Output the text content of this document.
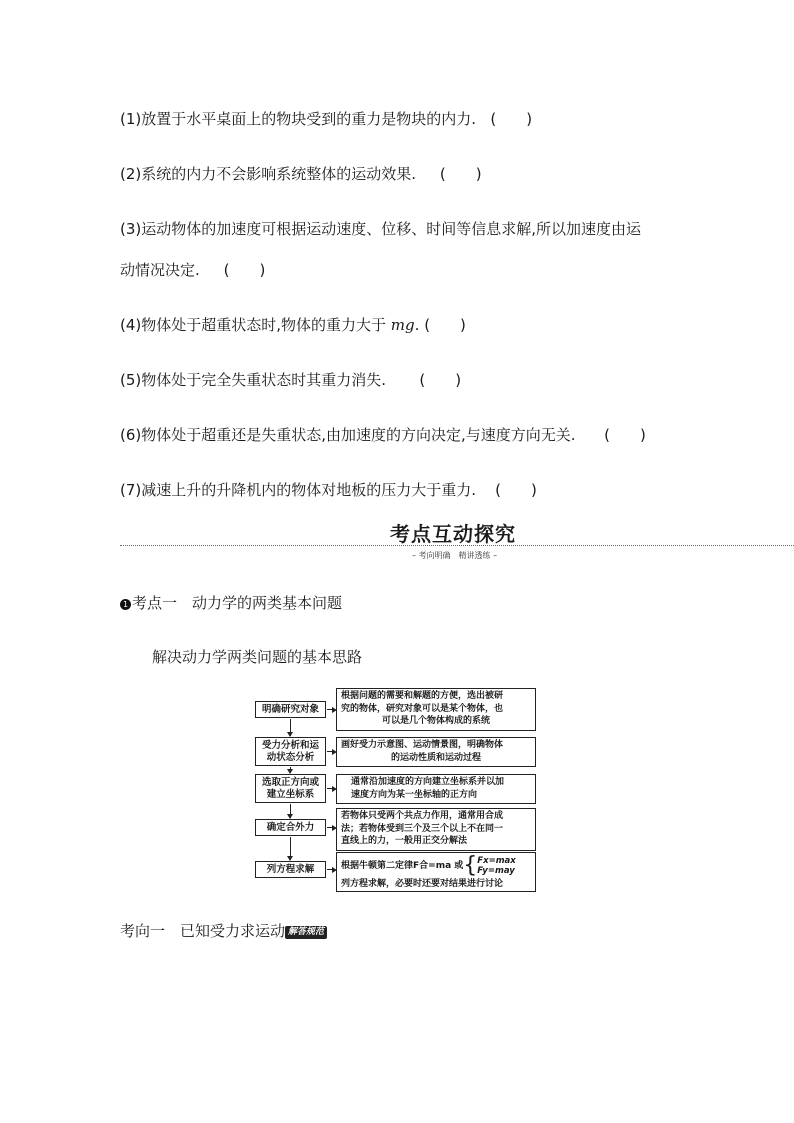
(1)放置于水平桌面上的物块受到的重力是物块的内力. (　　)
(2)系统的内力不会影响系统整体的运动效果. (　　)
(3)运动物体的加速度可根据运动速度、位移、时间等信息求解,所以加速度由运
动情况决定. (　　)
(4)物体处于超重状态时,物体的重力大于 mg. (　　)
(5)物体处于完全失重状态时其重力消失. (　　)
(6)物体处于超重还是失重状态,由加速度的方向决定,与速度方向无关. (　　)
(7)减速上升的升降机内的物体对地板的压力大于重力. (　　)
考点互动探究
– 考向明确　精讲透练 –
1 考点一　动力学的两类基本问题
解决动力学两类问题的基本思路
明确研究对象
根据问题的需要和解题的方便，选出被研
究的物体，研究对象可以是某个物体，也
可以是几个物体构成的系统
受力分析和运动状态分析
画好受力示意图、运动情景图，明确物体
的运动性质和运动过程
选取正方向或建立坐标系
通常沿加速度的方向建立坐标系并以加
速度方向为某一坐标轴的正方向
确定合外力
若物体只受两个共点力作用，通常用合成
法；若物体受到三个及三个以上不在同一
直线上的力，一般用正交分解法
列方程求解	根据牛顿第二定律F合=ma 或 { Fx=max
Fy=may
列方程求解，必要时还要对结果进行讨论
考向一　已知受力求运动 解答规范
